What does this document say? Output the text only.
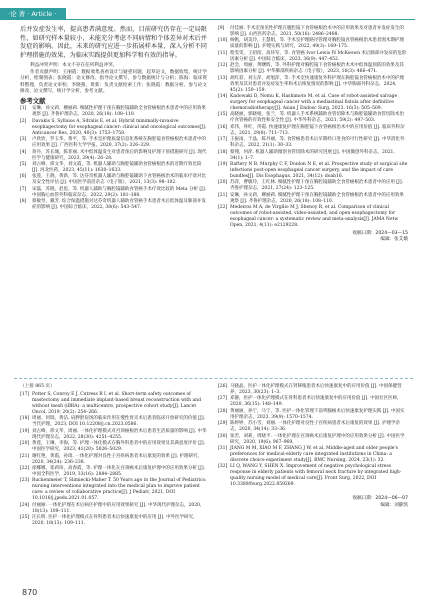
·论 著 · Article ·
后并发症发生率，提高患者满意度。然而，目前研究仍存在一定局限性，如研究样本量较小，未能充分考虑不同病情和个体差异对术后并发症的影响。因此，未来的研究应进一步拓展样本量，深入分析不同护理措施的效果，为临床实践提供更加科学和有效的指导。
利益冲突声明：本文不存在任何利益冲突。
作者贡献声明：王丽霞：数据收集查看设计与疑惑问题，起草论文，数据收集，统计学分析，绘制图表；张晓霞：论文修改、指导论文撰写，参与数据统计与分析；陈海：临床资料整理，负责论文审校；李晓燕、黄新：负责文献检索工作；张晓霞：数据分析，参与论文修改，论文撰写，统计学分析，参考文献。
参考文献
[1]	安琳，孙文莉，柳丽莉. 细腻性护理干预在胸腔镜辅助全食管癌根治术患者中的应用效果观察 [J]. 齐鲁护理杂志，2020, 26(18): 108–110.
[2]	Davakis S, Syllaios A, Sdralis E, et al. Hybrid minimally-invasive esophagectomy for esophageal cancer: clinical and oncological outcomes[J]. Anticancer Res, 2020, 40(3): 1753–1758.
[3]	卢欣欣，罗玉华，黄平，等. 手术室护理质量信息化系统在胸腔镜食管癌根治术患者中的应用效果 [J]. 广西医科大学学报，2020, 37(2): 326–329.
[4]	蒋丹，苏长城，陈菲丽. 术中低体温发生对患者预后的影响及护理干预措施研究 [J]. 现代医学与健康研究，2023, 29(4): 26–28.
[5]	刘占峰，邢文华，刘文霞，等. 机器人辅助与胸腔镜辅助食管癌根治术的近期疗效比较 [J]. 河北医药，2023, 45(11): 1630–1633.
[6]	张莲，王晓，黄新，等. 达芬奇机器人辅助与胸腔镜辅助下食管癌根治术的临床疗效对比及安全性评估 [J]. 中国医学前沿杂志（电子版），2021, 13(3): 98–102.
[7]	宋磊，苏晓，赵思，等. 机器人辅助与胸腔镜辅助食管癌手术疗效比较的 Meta 分析 [J]. 中国胸心血管外科临床杂志，2022, 29(2): 181–188.
[8]	蔡敏琴，戴芳. 综合保温措施对达芬奇机器人辅助食管癌手术患者术后低体温及肺部并发症的影响 [J]. 中国综合临床，2022, 38(6): 543–547.
[9]	付佳丽. 手术室预见性护理在腹腔镜下食管癌根治术中的应用效果及对患者并发症发生的影响 [J]. 山西医药杂志，2021, 50(16): 2486–2488.
[10] 杨帆，胡美玲，王慧娟，等. 手术室护理路径管理对胸腔镜食管癌根治术患者围术期护理质量的影响 [J]. 护理实践与研究，2022, 49(3): 169–175.
[11] 程雯雯，王绍绍，高环军，等. 食管癌 Ivor Lewis 和 McKeown 术后肺部并发症的危险因素分析 [J]. 中国综合临床，2023, 36(9): 447–452.
[12] 赵会，周丽，黄曙辉，等. 外科护理对胸腔镜下食管癌根治术术中低体温预防的效果及其影响因素分析 [J]. 中华肺部疾病杂志（电子版），2023, 16(3): 466–471.
[13] 胡红彩，刘玉萍，胡旭萍，等. 手术室快速康复外科护理在胸腔镜食管癌根治术中的护理效果及其对患者并发症发生率和术后恢复情况的影响 [J]. 中华胸部外科杂志，2024, 45(2): 150–159.
[14] Kadowaki D, Nomu K, Hashimoto M, et al. Case of robot-assisted salvage surgery for esophageal cancer with a mediastinal fistula after definitive chemoradiotherapy[J]. Asian J Endosc Surg, 2023, 16(3): 505–509.
[15] 高晓丽，郭晓娟，张兰，等. 机器人手术系统辅助食管切除术与胸腔镜辅助食管切除术治疗食管癌的有效性和安全性 [J]. 中华外科杂志，2021, 59(2): 497–503.
[16] 邓伟，佟红，佟霞. 快速康复护理在胸腔镜下食管癌根治术中的应用价值 [J]. 临床外科杂志，2021, 29(8): 711–713.
[17] 王振雨，于晶，陈丹丽，等. 食管癌患者术后早期经口进食的可行性研究 [J]. 中华消化外科杂志，2022, 21(1): 30–33.
[18] 蔡翔，何萍. 机器人辅助微创食管切除术的研究进展 [J]. 中国微创外科杂志，2021, 34(1): 1–7.
[19] Raftery N B, Murphy C F, Donlon N E, et al. Prospective study of surgical site infections post-open esophageal cancer surgery, and the impact of care bundles[J]. Dis Esophagus, 2021, 34(12): doab16.
[20] 苏萍，曹敏玲，王红林. 细腻性护理干预在胸腔镜辅助全食管癌根治术患者中的应用 [J]. 齐鲁护理杂志，2021, 27(24): 123–125.
[21] 安琳，孙文莉，柳丽莉. 细腻性护理干预在胸腔镜辅助全食管癌根治术患者中的应用效果观察 [J]. 齐鲁护理杂志，2020, 26(18): 108–110.
[22] Medeiros M A, de Virgilio M J, Shenoy R, et al. Comparison of clinical outcomes of robot-assisted, video-assisted, and open esophagectomy for esophageal cancer: a systematic review and meta-analysis[J]. JAMA Netw Open, 2021, 4(11): e2129228.
收稿日期：2024—03—15
编辑：张艾娥
（上接 865 页）
[17] Potter S, Conroy E J, Cutress R I, et al. Short-term safety outcomes of mastectomy and immediate implant-based breast reconstruction with and without mesh (iBRA): a multicentre, prospective cohort study[J]. Lancet Oncol, 2019, 20(2): 254–266.
[18] 周丽、何瑞、黄洁. 肩胛舒肩汤的临床作用在慢性胃炎术后患者临床开放研究的价值 [J]. 当代护理，2023, DOI 10.12208/j.cn.2023.0586.
[19] 刘占峰，邢文华，周丽. 一体化护理模式对宫颈癌根治术后患者生活质量的影响 [J]. 中华现代护理杂志，2022, 28(30): 4251–4255.
[20] 黄莲，王琳，李海，等. 护理一体化模式在胸外科患者中的应用效果及其满意度评价 [J]. 中国医学研究，2023, 41(20): 5026–5029.
[21] 谢红艳，黄霞，孙琦. 一体化护理对良性子宫疾病患者术后康复的效果 [J]. 护理研究，2020, 34(24): 236–238.
[22] 徐娜娜，崔莉珍，高春霞，等. 护理一体化在宫颈癌术后康复护理中的应用效果分析 [J]. 中国全科医学，2019, 33(16): 2884–2885.
[23] Ruckenmeier T, Slimiecki-Maher T. 50 Years ago in the Journal of Pediatrics: nursing interventions integrated into the medical plan to improve patient care: a review of collaborative practice[J]. J Pediatr, 2021, DOI 10.1016/j.jpeds.2021.01.057.
[24] 付丽丽. 一体化护理在术后病区护理中的应用效果研究 [J]. 中华现代护理杂志，2020, 18(13): 109–111.
[25] 汪长明. 医护一体化护理模式在骨科患者术后快速康复中的应用 [J]. 中外医学研究，2020, 18(13): 109–111.
[26] 马晓晶，医护一体化护理模式在肾移植患者术后快速康复中的应用价值 [J]. 中国保健营养，2023, 30(23): 1–3.
[27] 邓静，医护一体化护理模式在骨科患者术后快速康复中的应用价值 [J]. 中国社区医师，2020, 36(15): 148–149.
[28] 黄丽丽，孙宁，马宁，等. 医护一体化管理下前列腺癌术后快速康复护理实践 [J]. 中国实用护理杂志，2023, 39(9): 1570–1574.
[29] 陈婷婷，苏小雪，刘丽. 一体化护理对良性子宫疾病患者术后康复的效果 [J]. 护理学杂志，2020, 34(14): 33–36.
[30] 张若，刘莉，周晓平. 一体化护理在宫颈癌术后康复护理中的应用效果分析 [J]. 中国医学研究，2020, 19(6): 967–969.
[31] JIANG M M, XIAO M F, ZHANG J W, et al. Middle-aged and older people's preferences for medical-elderly care integrated institutions in China: a discrete choice experiment study[J]. BMC Nursing, 2024, 23(1): 32.
[32] LI Q, WANG Y, SHEN X. Improvement of negative psychological stress response in elderly patients with femoral neck fracture by integrated high-quality nursing model of medical care[J]. Front Surg, 2022, DOI 10.3389/fsurg.2022.859269.
收稿日期：2024—06—07
编辑：刘静凯
870
